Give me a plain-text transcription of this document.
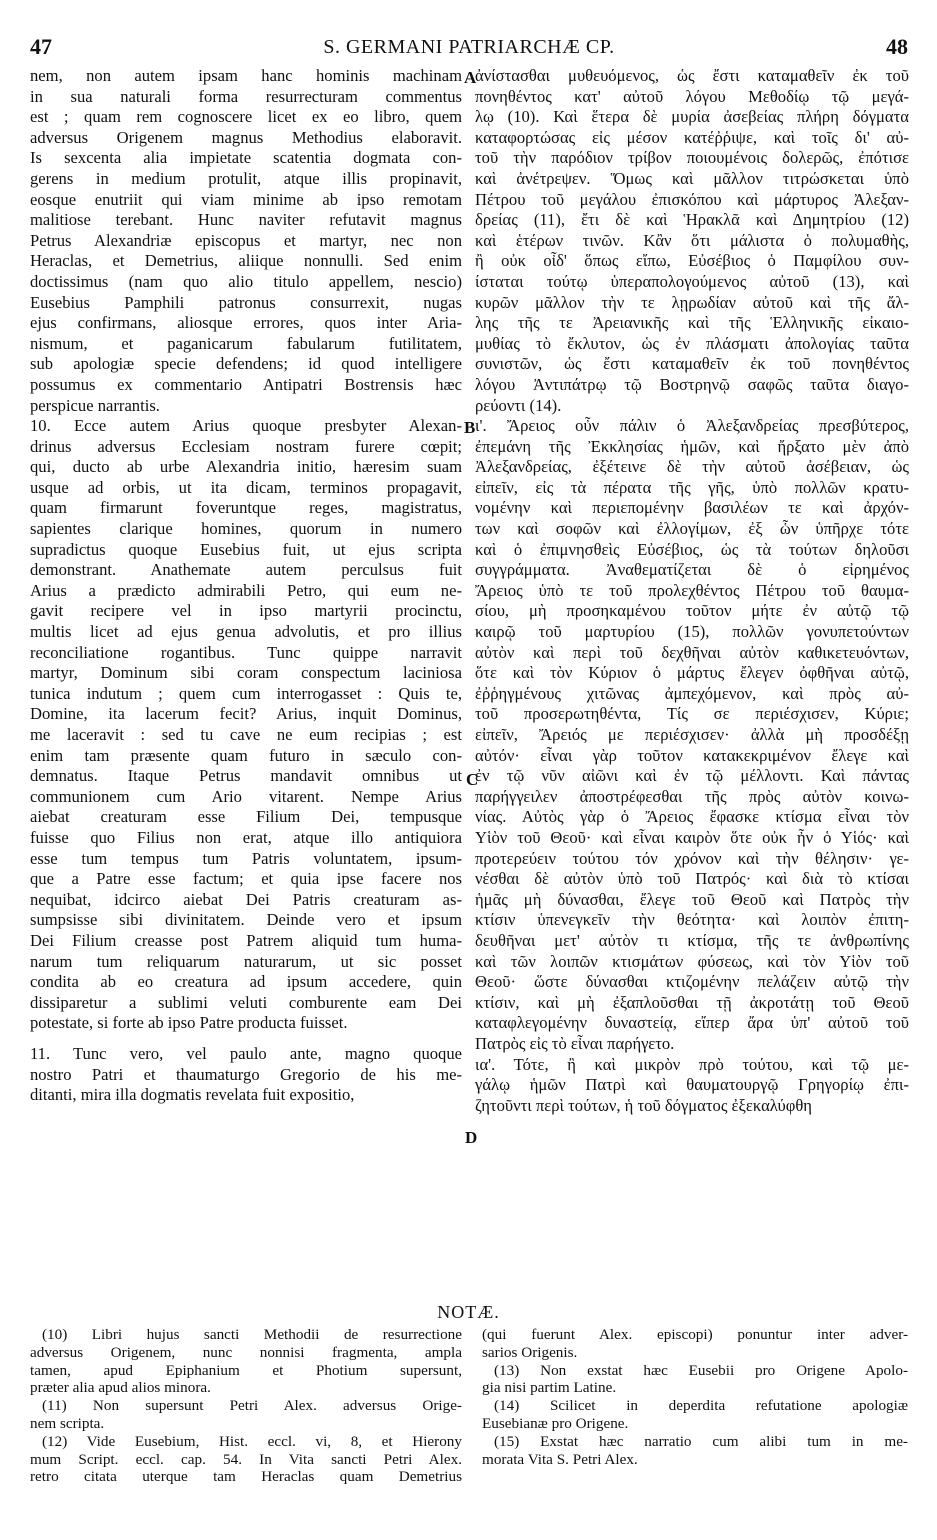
47	S. GERMANI PATRIARCHÆ CP.	48
nem, non autem ipsam hanc hominis machinam
in sua naturali forma resurrecturam commentus
est ; quam rem cognoscere licet ex eo libro, quem
adversus Origenem magnus Methodius elaboravit.
Is sexcenta alia impietate scatentia dogmata con-
gerens in medium protulit, atque illis propinavit,
eosque enutriit qui viam minime ab ipso remotam
malitiose terebant. Hunc naviter refutavit magnus
Petrus Alexandriæ episcopus et martyr, nec non
Heraclas, et Demetrius, aliique nonnulli. Sed enim
doctissimus (nam quo alio titulo appellem, nescio)
Eusebius Pamphili patronus consurrexit, nugas
ejus confirmans, aliosque errores, quos inter Aria-
nismum, et paganicarum fabularum futilitatem,
sub apologiæ specie defendens; id quod intelligere
possumus ex commentario Antipatri Bostrensis hæc
perspicue narrantis.
10. Ecce autem Arius quoque presbyter Alexan-
drinus adversus Ecclesiam nostram furere cœpit;
qui, ducto ab urbe Alexandria initio, hæresim suam
usque ad orbis, ut ita dicam, terminos propagavit,
quam firmarunt foveruntque reges, magistratus,
sapientes clarique homines, quorum in numero
supradictus quoque Eusebius fuit, ut ejus scripta
demonstrant. Anathemate autem perculsus fuit
Arius a prædicto admirabili Petro, qui eum ne-
gavit recipere vel in ipso martyrii procinctu,
multis licet ad ejus genua advolutis, et pro illius
reconciliatione rogantibus. Tunc quippe narravit
martyr, Dominum sibi coram conspectum laciniosa
tunica indutum ; quem cum interrogasset : Quis te,
Domine, ita lacerum fecit? Arius, inquit Dominus,
me laceravit : sed tu cave ne eum recipias ; est
enim tam præsente quam futuro in sæculo con-
demnatus. Itaque Petrus mandavit omnibus ut
communionem cum Ario vitarent. Nempe Arius
aiebat creaturam esse Filium Dei, tempusque
fuisse quo Filius non erat, atque illo antiquiora
esse tum tempus tum Patris voluntatem, ipsum-
que a Patre esse factum; et quia ipse facere nos
nequibat, idcirco aiebat Dei Patris creaturam as-
sumpsisse sibi divinitatem. Deinde vero et ipsum
Dei Filium creasse post Patrem aliquid tum huma-
narum tum reliquarum naturarum, ut sic posset
condita ab eo creatura ad ipsum accedere, quin
dissiparetur a sublimi veluti comburente eam Dei
potestate, si forte ab ipso Patre producta fuisset.
11. Tunc vero, vel paulo ante, magno quoque
nostro Patri et thaumaturgo Gregorio de his me-
ditanti, mira illa dogmatis revelata fuit expositio,
ἀνίστασθαι μυθευόμενος, ὡς ἔστι καταμαθεῖν ἐκ τοῦ
πονηθέντος κατ' αὐτοῦ λόγου Μεθοδίῳ τῷ μεγά-
λῳ (10). Καὶ ἕτερα δὲ μυρία ἀσεβείας πλήρη δόγματα
καταφορτώσας εἰς μέσον κατέῤῥιψε, καὶ τοῖς δι' αὐ-
τοῦ τὴν παρόδιον τρίβον ποιουμένοις δολερῶς, ἐπότισε
καὶ ἀνέτρεψεν. Ὅμως καὶ μᾶλλον τιτρώσκεται ὑπὸ
Πέτρου τοῦ μεγάλου ἐπισκόπου καὶ μάρτυρος Ἀλεξαν-
δρείας (11), ἔτι δὲ καὶ Ἡρακλᾶ καὶ Δημητρίου (12)
καὶ ἑτέρων τινῶν. Κἂν ὅτι μάλιστα ὁ πολυμαθὴς,
ἢ οὐκ οἶδ' ὅπως εἴπω, Εὐσέβιος ὁ Παμφίλου συν-
ίσταται τούτῳ ὑπεραπολογούμενος αὐτοῦ (13), καὶ
κυρῶν μᾶλλον τὴν τε λῃρωδίαν αὐτοῦ καὶ τῆς ἄλ-
λης τῆς τε Ἀρειανικῆς καὶ τῆς Ἑλληνικῆς εἰκαιο-
μυθίας τὸ ἔκλυτον, ὡς ἐν πλάσματι ἀπολογίας ταῦτα
συνιστῶν, ὡς ἔστι καταμαθεῖν ἐκ τοῦ πονηθέντος
λόγου Ἀντιπάτρῳ τῷ Βοστρηνῷ σαφῶς ταῦτα διαγο-
ρεύοντι (14).
ι'. Ἄρειος οὖν πάλιν ὁ Ἀλεξανδρείας πρεσβύτερος,
ἐπεμάνη τῆς Ἐκκλησίας ἡμῶν, καὶ ἤρξατο μὲν ἀπὸ
Ἀλεξανδρείας, ἐξέτεινε δὲ τὴν αὐτοῦ ἀσέβειαν, ὡς
εἰπεῖν, εἰς τὰ πέρατα τῆς γῆς, ὑπὸ πολλῶν κρατυ-
νομένην καὶ περιεπομένην βασιλέων τε καὶ ἀρχόν-
των καὶ σοφῶν καὶ ἐλλογίμων, ἐξ ὧν ὑπῆρχε τότε
καὶ ὁ ἐπιμνησθεὶς Εὐσέβιος, ὡς τὰ τούτων δηλοῦσι
συγγράμματα. Ἀναθεματίζεται δὲ ὁ εἰρημένος
Ἄρειος ὑπὸ τε τοῦ προλεχθέντος Πέτρου τοῦ θαυμα-
σίου, μὴ προσηκαμένου τοῦτον μήτε ἐν αὐτῷ τῷ
καιρῷ τοῦ μαρτυρίου (15), πολλῶν γονυπετούντων
αὐτὸν καὶ περὶ τοῦ δεχθῆναι αὐτὸν καθικετευόντων,
ὅτε καὶ τὸν Κύριον ὁ μάρτυς ἔλεγεν ὀφθῆναι αὐτῷ,
ἐῤῥηγμένους χιτῶνας ἀμπεχόμενον, καὶ πρὸς αὐ-
τοῦ προσερωτηθέντα, Τίς σε περιέσχισεν, Κύριε;
εἰπεῖν, Ἄρειός με περιέσχισεν· ἀλλὰ μὴ προσδέξῃ
αὐτόν· εἶναι γὰρ τοῦτον κατακεκριμένον ἔλεγε καὶ
ἐν τῷ νῦν αἰῶνι καὶ ἐν τῷ μέλλοντι. Καὶ πάντας
παρήγγειλεν ἀποστρέφεσθαι τῆς πρὸς αὐτὸν κοινω-
νίας. Αὐτὸς γὰρ ὁ Ἄρειος ἔφασκε κτίσμα εἶναι τὸν
Υἱὸν τοῦ Θεοῦ· καὶ εἶναι καιρὸν ὅτε οὐκ ἦν ὁ Υἱός· καὶ
προτερεύειν τούτου τόν χρόνον καὶ τὴν θέλησιν· γε-
νέσθαι δὲ αὐτὸν ὑπὸ τοῦ Πατρός· καὶ διὰ τὸ κτίσαι
ἡμᾶς μὴ δύνασθαι, ἔλεγε τοῦ Θεοῦ καὶ Πατρὸς τὴν
κτίσιν ὑπενεγκεῖν τὴν θεότητα· καὶ λοιπὸν ἐπιτη-
δευθῆναι μετ' αὐτὸν τι κτίσμα, τῆς τε ἀνθρωπίνης
καὶ τῶν λοιπῶν κτισμάτων φύσεως, καὶ τὸν Υἱὸν τοῦ
Θεοῦ· ὥστε δύνασθαι κτιζομένην πελάζειν αὐτῷ τὴν
κτίσιν, καὶ μὴ ἐξαπλοῦσθαι τῇ ἀκροτάτῃ τοῦ Θεοῦ
καταφλεγομένην δυναστείᾳ, εἴπερ ἄρα ὑπ' αὐτοῦ τοῦ
Πατρὸς εἰς τὸ εἶναι παρήγετο.
ια'. Τότε, ἢ καὶ μικρὸν πρὸ τούτου, καὶ τῷ με-
γάλῳ ἡμῶν Πατρὶ καὶ θαυματουργῷ Γρηγορίῳ ἐπι-
ζητοῦντι περὶ τούτων, ἡ τοῦ δόγματος ἐξεκαλύφθη
A
B
C
D
NOTÆ.
(10) Libri hujus sancti Methodii de resurrectione
adversus Origenem, nunc nonnisi fragmenta, ampla
tamen, apud Epiphanium et Photium supersunt,
præter alia apud alios minora.
(11) Non supersunt Petri Alex. adversus Orige-
nem scripta.
(12) Vide Eusebium, Hist. eccl. vi, 8, et Hierony
mum Script. eccl. cap. 54. In Vita sancti Petri Alex.
retro citata uterque tam Heraclas quam Demetrius
(qui fuerunt Alex. episcopi) ponuntur inter adver-
sarios Origenis.
(13) Non exstat hæc Eusebii pro Origene Apolo-
gia nisi partim Latine.
(14) Scilicet in deperdita refutatione apologiæ
Eusebianæ pro Origene.
(15) Exstat hæc narratio cum alibi tum in me-
morata Vita S. Petri Alex.
